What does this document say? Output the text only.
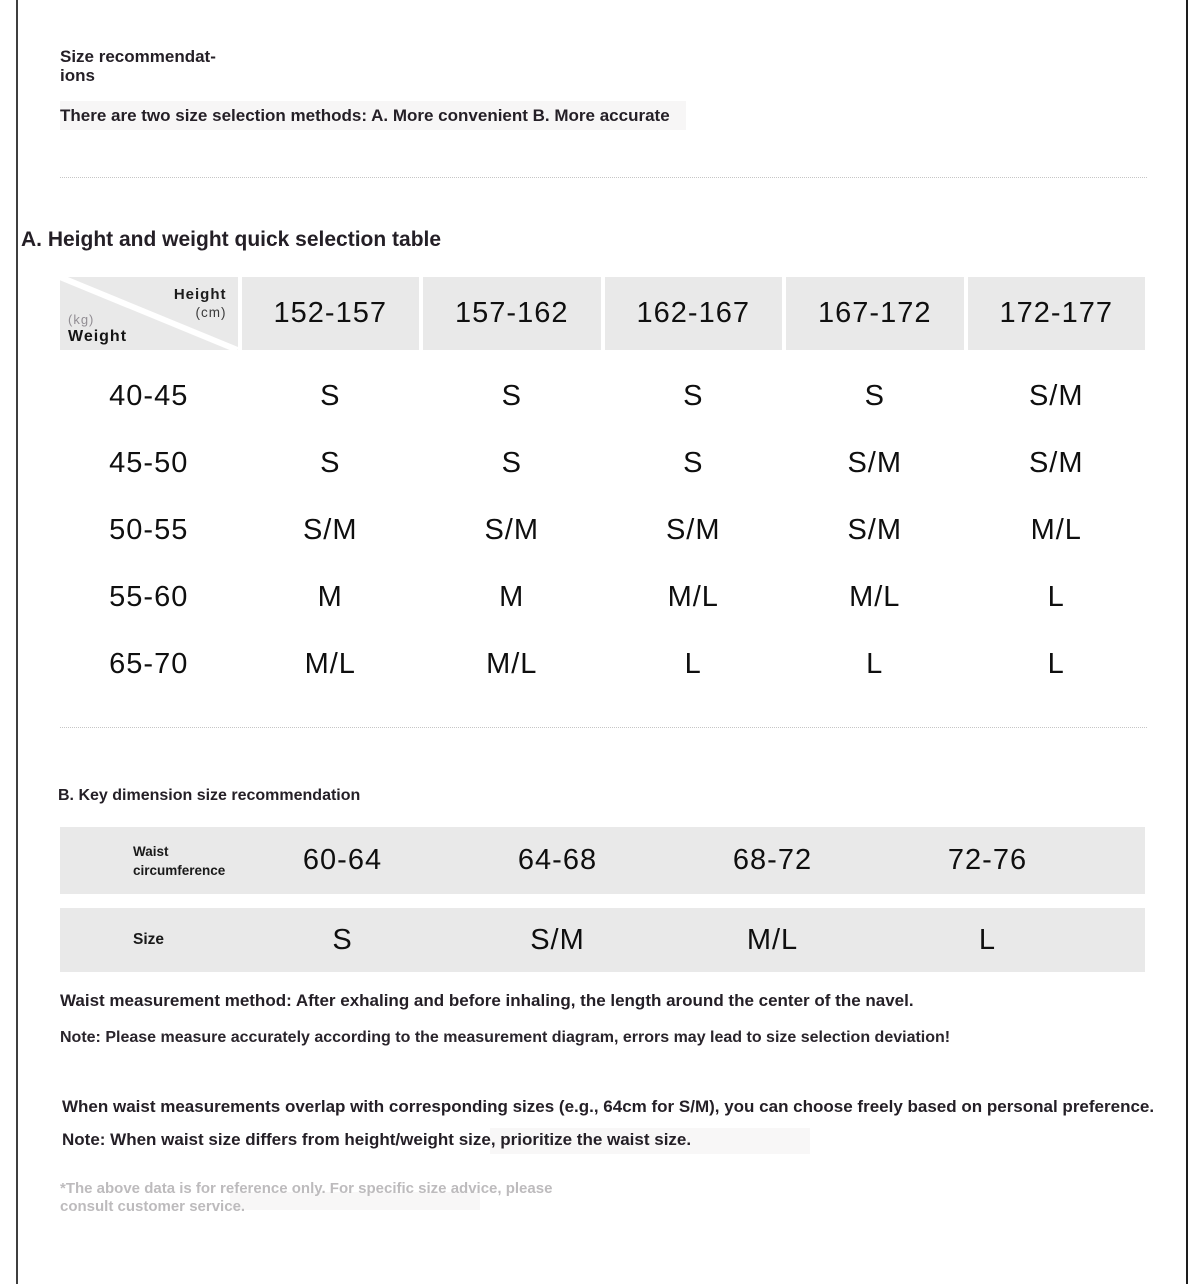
Size recommendat-
ions
There are two size selection methods: A. More convenient B. More accurate
A. Height and weight quick selection table
Height
(cm)
(kg)
Weight
152-157	157-162	162-167	167-172	172-177
40-45	S	S	S	S	S/M
45-50	S	S	S	S/M	S/M
50-55	S/M	S/M	S/M	S/M	M/L
55-60	M	M	M/L	M/L	L
65-70	M/L	M/L	L	L	L
B. Key dimension size recommendation
Waist
circumference	60-64	64-68	68-72	72-76
Size	S	S/M	M/L	L
Waist measurement method: After exhaling and before inhaling, the length around the center of the navel.
Note: Please measure accurately according to the measurement diagram, errors may lead to size selection deviation!
When waist measurements overlap with corresponding sizes (e.g., 64cm for S/M), you can choose freely based on personal preference.
Note: When waist size differs from height/weight size, prioritize the waist size.
*The above data is for reference only. For specific size advice, please
consult customer service.
